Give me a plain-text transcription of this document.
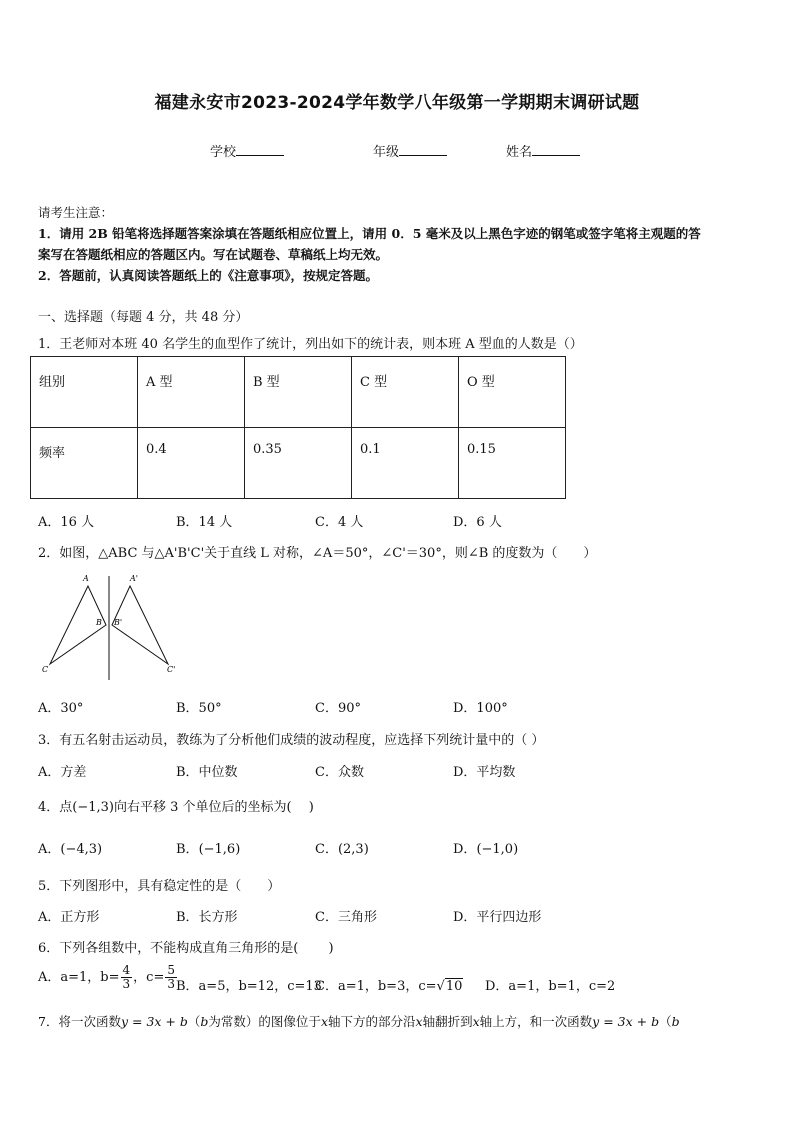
福建永安市2023-2024学年数学八年级第一学期期末调研试题
学校	年级	姓名
请考生注意：
1．请用 2B 铅笔将选择题答案涂填在答题纸相应位置上，请用 0．5 毫米及以上黑色字迹的钢笔或签字笔将主观题的答
案写在答题纸相应的答题区内。写在试题卷、草稿纸上均无效。
2．答题前，认真阅读答题纸上的《注意事项》，按规定答题。
一、选择题（每题 4 分，共 48 分）
1．王老师对本班 40 名学生的血型作了统计，列出如下的统计表，则本班 A 型血的人数是（）
组别	A 型	B 型	C 型	O 型
频率	0.4	0.35	0.1	0.15
A．16 人	B．14 人	C．4 人	D．6 人
2．如图，△ABC 与△A'B'C'关于直线 L 对称，∠A＝50°，∠C'＝30°，则∠B 的度数为（　　）
A
B
C
A'
B'
C'
A．30°	B．50°	C．90°	D．100°
3．有五名射击运动员，教练为了分析他们成绩的波动程度，应选择下列统计量中的（ ）
A．方差	B．中位数	C．众数	D．平均数
4．点(−1,3)向右平移 3 个单位后的坐标为(　 )
A．(−4,3)	B．(−1,6)	C．(2,3)	D．(−1,0)
5．下列图形中，具有稳定性的是（　　）
A．正方形	B．长方形	C．三角形	D．平行四边形
6．下列各组数中，不能构成直角三角形的是(　　 )
A．a=1，$b= \frac{4}{3}$ ，$c= \frac{5}{3}$ B．a=5，b=12，c=13
C．a=1，b=3，c=√10 D．a=1，b=1，c=2
7．将一次函数y = 3x + b（b为常数）的图像位于x轴下方的部分沿x轴翻折到x轴上方，和一次函数y = 3x + b（b
